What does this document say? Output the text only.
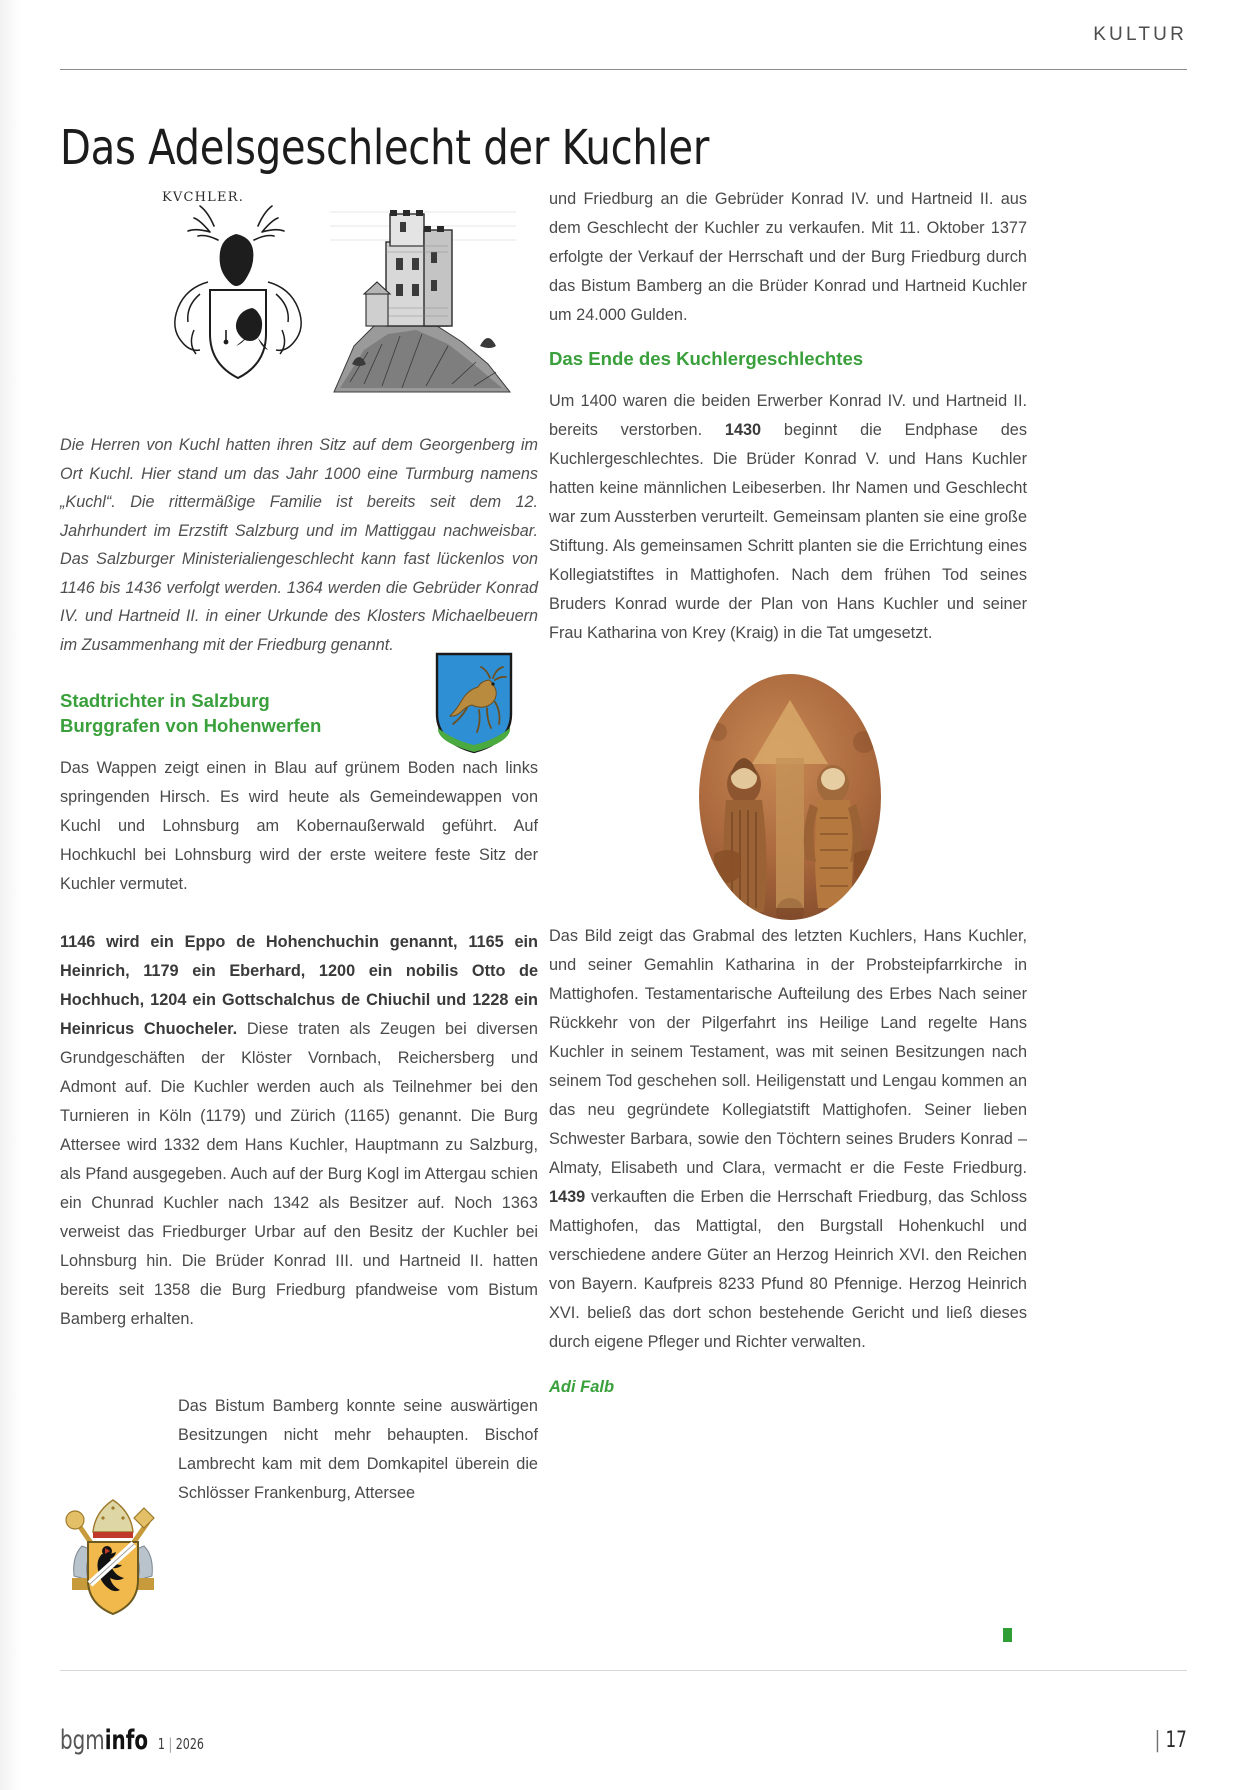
KULTUR
Das Adelsgeschlecht der Kuchler
KVCHLER.

Die Herren von Kuchl hatten ihren Sitz auf dem Georgenberg im Ort Kuchl. Hier stand um das Jahr 1000 eine Turmburg namens „Kuchl“. Die rittermäßige Familie ist bereits seit dem 12. Jahrhundert im Erzstift Salzburg und im Mattiggau nachweisbar. Das Salzburger Ministerialiengeschlecht kann fast lückenlos von 1146 bis 1436 verfolgt werden. 1364 werden die Gebrüder Konrad IV. und Hartneid II. in einer Urkunde des Klosters Michaelbeuern im Zusammenhang mit der Friedburg genannt.

Stadtrichter in Salzburg

Burggrafen von Hohenwerfen

Das Wappen zeigt einen in Blau auf grünem Boden nach links springenden Hirsch. Es wird heute als Gemeindewappen von Kuchl und Lohnsburg am Kobernaußerwald geführt. Auf Hochkuchl bei Lohnsburg wird der erste weitere feste Sitz der Kuchler vermutet.

1146 wird ein Eppo de Hohenchuchin genannt, 1165 ein Heinrich, 1179 ein Eberhard, 1200 ein nobilis Otto de Hochhuch, 1204 ein Gottschalchus de Chiuchil und 1228 ein Heinricus Chuocheler. Diese traten als Zeugen bei diversen Grundgeschäften der Klöster Vornbach, Reichersberg und Admont auf. Die Kuchler werden auch als Teilnehmer bei den Turnieren in Köln (1179) und Zürich (1165) genannt. Die Burg Attersee wird 1332 dem Hans Kuchler, Hauptmann zu Salzburg, als Pfand ausgegeben. Auch auf der Burg Kogl im Attergau schien ein Chunrad Kuchler nach 1342 als Besitzer auf. Noch 1363 verweist das Friedburger Urbar auf den Besitz der Kuchler bei Lohnsburg hin. Die Brüder Konrad III. und Hartneid II. hatten bereits seit 1358 die Burg Friedburg pfandweise vom Bistum Bamberg erhalten.

Das Bistum Bamberg konnte seine auswärtigen Besitzungen nicht mehr behaupten. Bischof Lambrecht kam mit dem Domkapitel überein die Schlösser Frankenburg, Attersee

und Friedburg an die Gebrüder Konrad IV. und Hartneid II. aus dem Geschlecht der Kuchler zu verkaufen. Mit 11. Oktober 1377 erfolgte der Verkauf der Herrschaft und der Burg Friedburg durch das Bistum Bamberg an die Brüder Konrad und Hartneid Kuchler um 24.000 Gulden.

Das Ende des Kuchlergeschlechtes

Um 1400 waren die beiden Erwerber Konrad IV. und Hartneid II. bereits verstorben. 1430 beginnt die Endphase des Kuchlergeschlechtes. Die Brüder Konrad V. und Hans Kuchler hatten keine männlichen Leibeserben. Ihr Namen und Geschlecht war zum Aussterben verurteilt. Gemeinsam planten sie eine große Stiftung. Als gemeinsamen Schritt planten sie die Errichtung eines Kollegiatstiftes in Mattighofen. Nach dem frühen Tod seines Bruders Konrad wurde der Plan von Hans Kuchler und seiner Frau Katharina von Krey (Kraig) in die Tat umgesetzt.

Das Bild zeigt das Grabmal des letzten Kuchlers, Hans Kuchler, und seiner Gemahlin Katharina in der Probsteipfarrkirche in Mattighofen. Testamentarische Aufteilung des Erbes Nach seiner Rückkehr von der Pilgerfahrt ins Heilige Land regelte Hans Kuchler in seinem Testament, was mit seinen Besitzungen nach seinem Tod geschehen soll. Heiligenstatt und Lengau kommen an das neu gegründete Kollegiatstift Mattighofen. Seiner lieben Schwester Barbara, sowie den Töchtern seines Bruders Konrad – Almaty, Elisabeth und Clara, vermacht er die Feste Friedburg. 1439 verkauften die Erben die Herrschaft Friedburg, das Schloss Mattighofen, das Mattigtal, den Burgstall Hohenkuchl und verschiedene andere Güter an Herzog Heinrich XVI. den Reichen von Bayern. Kaufpreis 8233 Pfund 80 Pfennige. Herzog Heinrich XVI. beließ das dort schon bestehende Gericht und ließ dieses durch eigene Pfleger und Richter verwalten.

Adi Falb

bgminfo 1 | 2026	| 17
